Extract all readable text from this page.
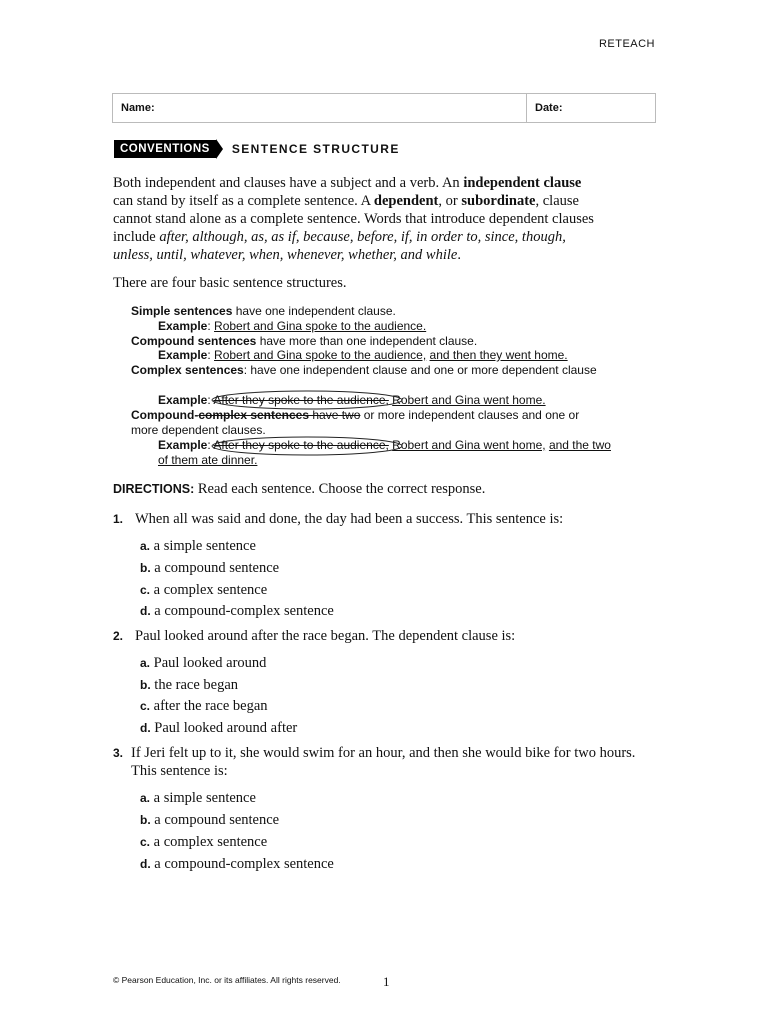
RETEACH
Name:	Date:
CONVENTIONS	SENTENCE STRUCTURE
Both independent and clauses have a subject and a verb. An independent clause can stand by itself as a complete sentence. A dependent, or subordinate, clause cannot stand alone as a complete sentence. Words that introduce dependent clauses include after, although, as, as if, because, before, if, in order to, since, though, unless, until, whatever, when, whenever, whether, and while.
There are four basic sentence structures.
Simple sentences have one independent clause.
Example: Robert and Gina spoke to the audience.
Compound sentences have more than one independent clause.
Example: Robert and Gina spoke to the audience, and then they went home.
Complex sentences: have one independent clause and one or more dependent clause
Example: After they spoke to the audience, Robert and Gina went home.
Compound-complex sentences have two or more independent clauses and one or more dependent clauses.
Example: After they spoke to the audience, Robert and Gina went home, and the two of them ate dinner.
DIRECTIONS: Read each sentence. Choose the correct response.
1. When all was said and done, the day had been a success. This sentence is:
a. a simple sentence
b. a compound sentence
c. a complex sentence
d. a compound-complex sentence
2. Paul looked around after the race began. The dependent clause is:
a. Paul looked around
b. the race began
c. after the race began
d. Paul looked around after
3. If Jeri felt up to it, she would swim for an hour, and then she would bike for two hours. This sentence is:
a. a simple sentence
b. a compound sentence
c. a complex sentence
d. a compound-complex sentence
© Pearson Education, Inc. or its affiliates. All rights reserved.	1
